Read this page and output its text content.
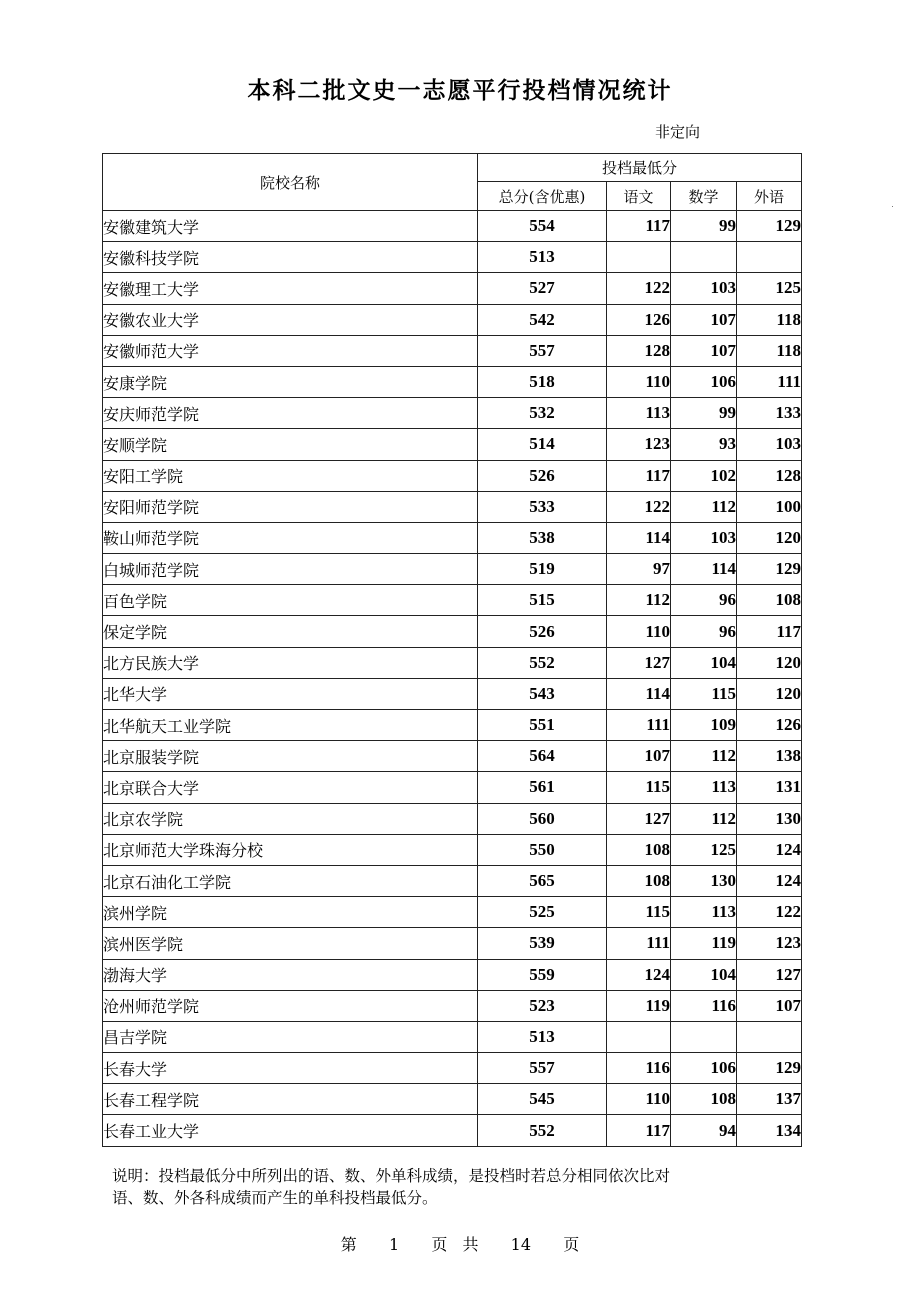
本科二批文史一志愿平行投档情况统计
非定向
院校名称	投档最低分			
	总分(含优惠)	语文	数学	外语
安徽建筑大学	554	117	99	129
安徽科技学院	513			
安徽理工大学	527	122	103	125
安徽农业大学	542	126	107	118
安徽师范大学	557	128	107	118
安康学院	518	110	106	111
安庆师范学院	532	113	99	133
安顺学院	514	123	93	103
安阳工学院	526	117	102	128
安阳师范学院	533	122	112	100
鞍山师范学院	538	114	103	120
白城师范学院	519	97	114	129
百色学院	515	112	96	108
保定学院	526	110	96	117
北方民族大学	552	127	104	120
北华大学	543	114	115	120
北华航天工业学院	551	111	109	126
北京服装学院	564	107	112	138
北京联合大学	561	115	113	131
北京农学院	560	127	112	130
北京师范大学珠海分校	550	108	125	124
北京石油化工学院	565	108	130	124
滨州学院	525	115	113	122
滨州医学院	539	111	119	123
渤海大学	559	124	104	127
沧州师范学院	523	119	116	107
昌吉学院	513			
长春大学	557	116	106	129
长春工程学院	545	110	108	137
长春工业大学	552	117	94	134
说明：投档最低分中所列出的语、数、外单科成绩，是投档时若总分相同依次比对
语、数、外各科成绩而产生的单科投档最低分。
第 1 页 共 14 页
